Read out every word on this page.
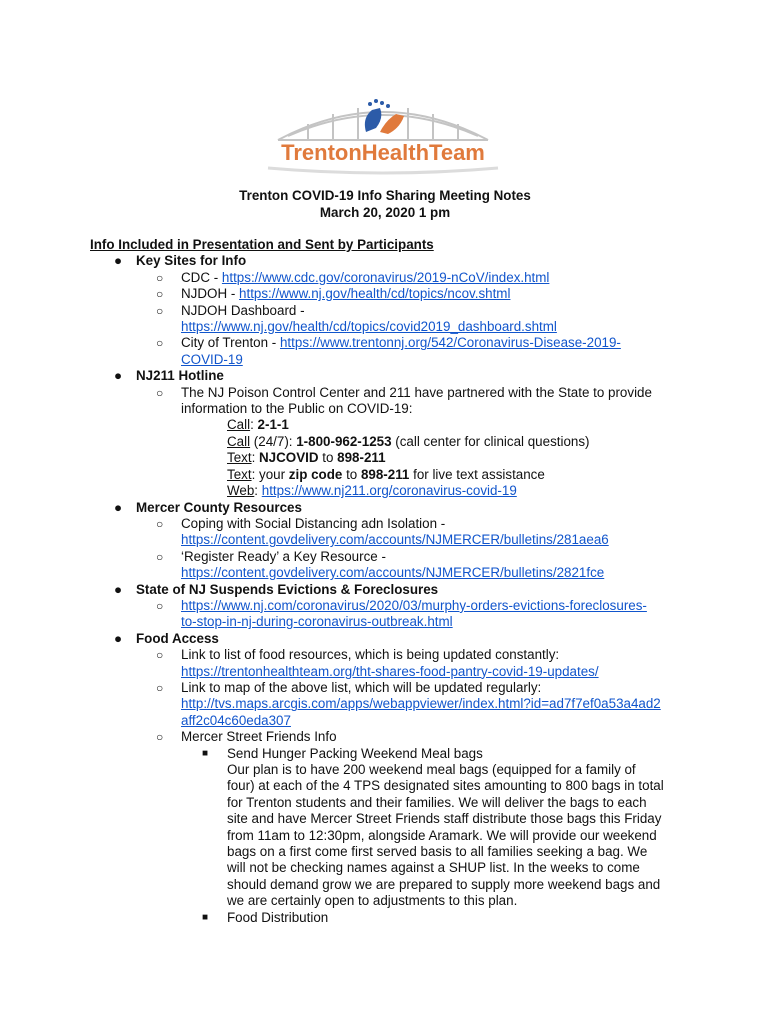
TrentonHealthTeam
Trenton COVID-19 Info Sharing Meeting Notes
March 20, 2020 1 pm
Info Included in Presentation and Sent by Participants
● Key Sites for Info
○ CDC - https://www.cdc.gov/coronavirus/2019-nCoV/index.html
○ NJDOH - https://www.nj.gov/health/cd/topics/ncov.shtml
○ NJDOH Dashboard -
https://www.nj.gov/health/cd/topics/covid2019_dashboard.shtml
○ City of Trenton - https://www.trentonnj.org/542/Coronavirus-Disease-2019-
COVID-19
● NJ211 Hotline
○ The NJ Poison Control Center and 211 have partnered with the State to provide
information to the Public on COVID-19:
Call: 2-1-1
Call (24/7): 1-800-962-1253 (call center for clinical questions)
Text: NJCOVID to 898-211
Text: your zip code to 898-211 for live text assistance
Web: https://www.nj211.org/coronavirus-covid-19
● Mercer County Resources
○ Coping with Social Distancing adn Isolation -
https://content.govdelivery.com/accounts/NJMERCER/bulletins/281aea6
○ ‘Register Ready’ a Key Resource -
https://content.govdelivery.com/accounts/NJMERCER/bulletins/2821fce
● State of NJ Suspends Evictions & Foreclosures
○ https://www.nj.com/coronavirus/2020/03/murphy-orders-evictions-foreclosures-
to-stop-in-nj-during-coronavirus-outbreak.html
● Food Access
○ Link to list of food resources, which is being updated constantly:
https://trentonhealthteam.org/tht-shares-food-pantry-covid-19-updates/
○ Link to map of the above list, which will be updated regularly:
http://tvs.maps.arcgis.com/apps/webappviewer/index.html?id=ad7f7ef0a53a4ad2
aff2c04c60eda307
○ Mercer Street Friends Info
■ Send Hunger Packing Weekend Meal bags
Our plan is to have 200 weekend meal bags (equipped for a family of
four) at each of the 4 TPS designated sites amounting to 800 bags in total
for Trenton students and their families. We will deliver the bags to each
site and have Mercer Street Friends staff distribute those bags this Friday
from 11am to 12:30pm, alongside Aramark. We will provide our weekend
bags on a first come first served basis to all families seeking a bag. We
will not be checking names against a SHUP list. In the weeks to come
should demand grow we are prepared to supply more weekend bags and
we are certainly open to adjustments to this plan.
■ Food Distribution
